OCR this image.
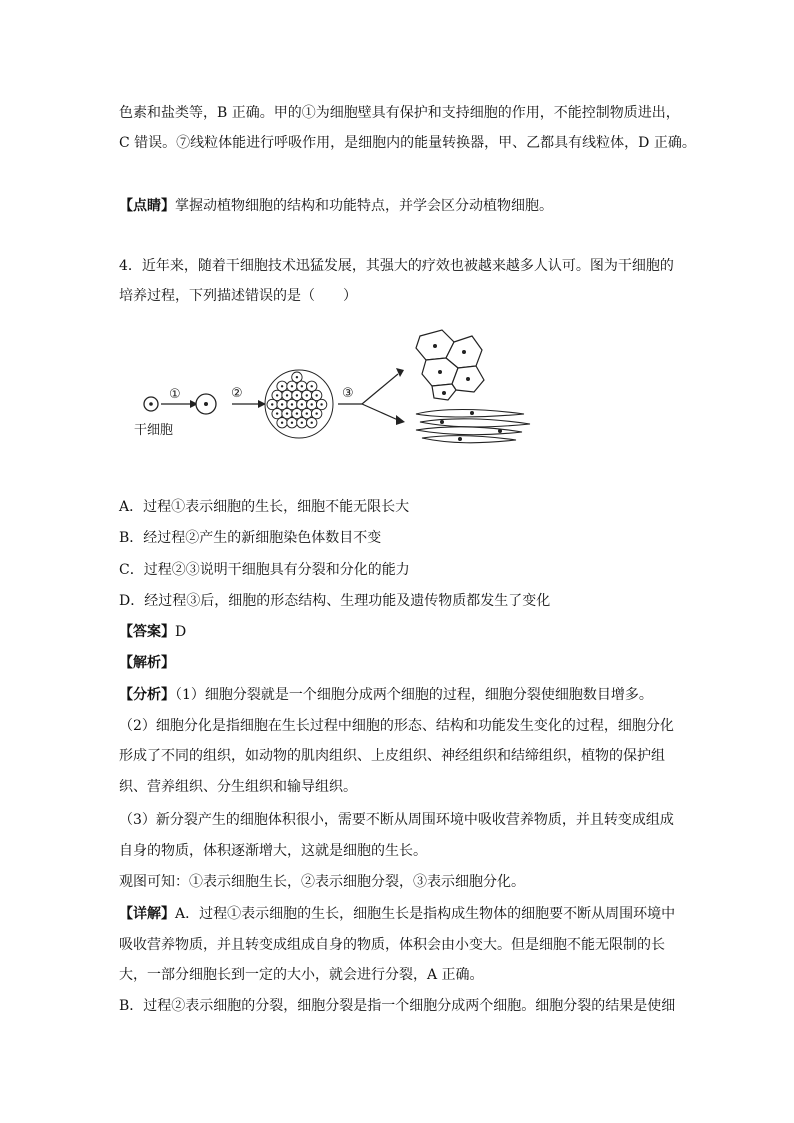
色素和盐类等，B 正确。甲的①为细胞壁具有保护和支持细胞的作用，不能控制物质进出，
C 错误。⑦线粒体能进行呼吸作用，是细胞内的能量转换器，甲、乙都具有线粒体，D 正确。
【点睛】掌握动植物细胞的结构和功能特点，并学会区分动植物细胞。
4．近年来，随着干细胞技术迅猛发展，其强大的疗效也被越来越多人认可。图为干细胞的
培养过程，下列描述错误的是（　　）
①	②	③
干细胞
A．过程①表示细胞的生长，细胞不能无限长大
B．经过程②产生的新细胞染色体数目不变
C．过程②③说明干细胞具有分裂和分化的能力
D．经过程③后，细胞的形态结构、生理功能及遗传物质都发生了变化
【答案】D
【解析】
【分析】（1）细胞分裂就是一个细胞分成两个细胞的过程，细胞分裂使细胞数目增多。
（2）细胞分化是指细胞在生长过程中细胞的形态、结构和功能发生变化的过程，细胞分化
形成了不同的组织，如动物的肌肉组织、上皮组织、神经组织和结缔组织，植物的保护组
织、营养组织、分生组织和输导组织。
（3）新分裂产生的细胞体积很小，需要不断从周围环境中吸收营养物质，并且转变成组成
自身的物质，体积逐渐增大，这就是细胞的生长。
观图可知：①表示细胞生长，②表示细胞分裂，③表示细胞分化。
【详解】A．过程①表示细胞的生长，细胞生长是指构成生物体的细胞要不断从周围环境中
吸收营养物质，并且转变成组成自身的物质，体积会由小变大。但是细胞不能无限制的长
大，一部分细胞长到一定的大小，就会进行分裂，A 正确。
B．过程②表示细胞的分裂，细胞分裂是指一个细胞分成两个细胞。细胞分裂的结果是使细
